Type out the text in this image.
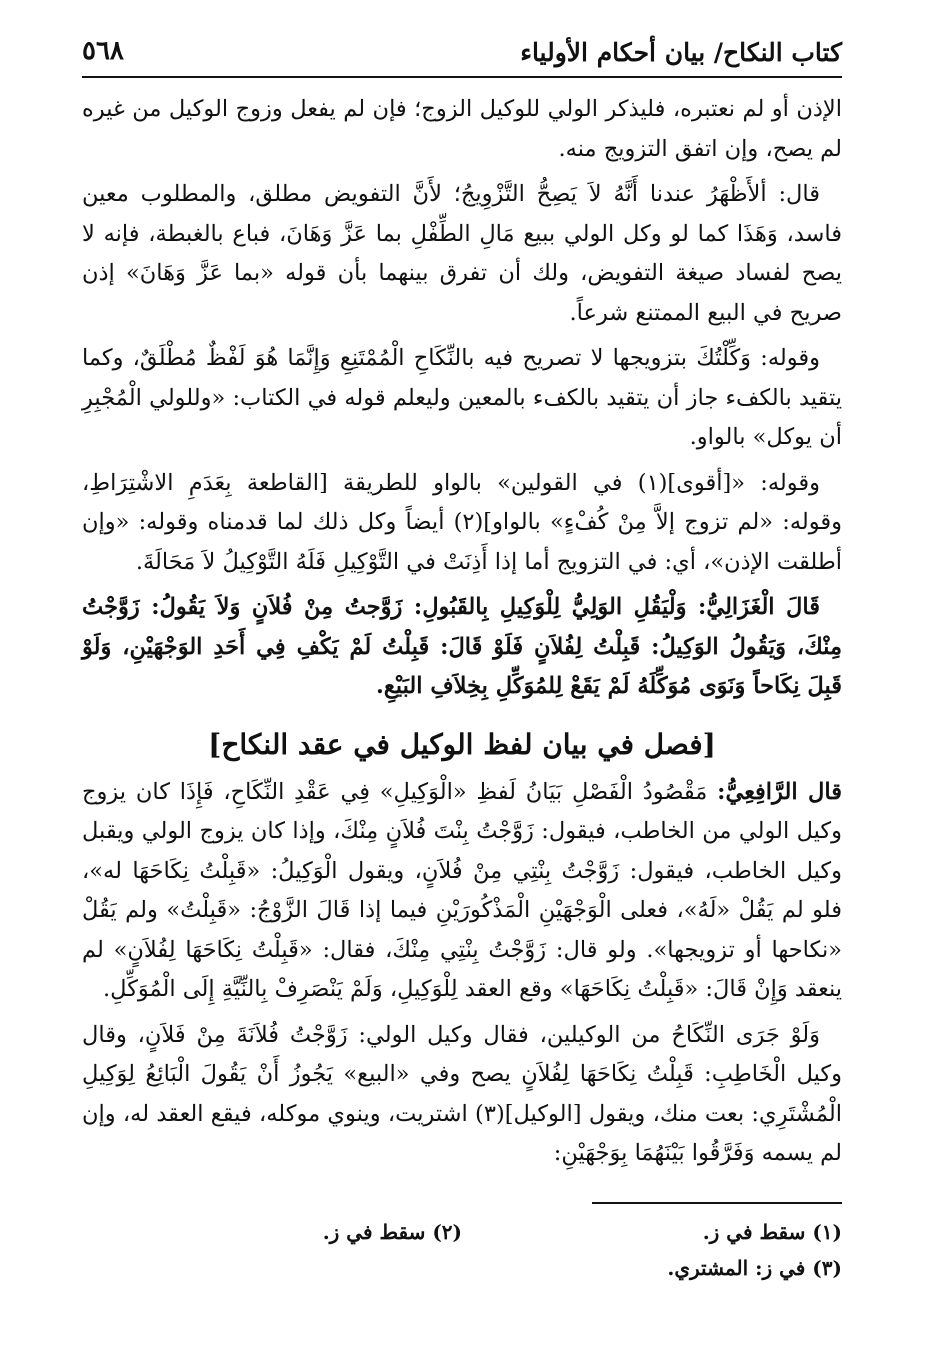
كتاب النكاح/ بيان أحكام الأولياء
٥٦٨

الإذن أو لم نعتبره، فليذكر الولي للوكيل الزوج؛ فإن لم يفعل وزوج الوكيل من غيره لم يصح، وإن اتفق التزويج منه.

قال: ألأَظْهَرُ عندنا أَنَّهُ لاَ يَصِحُّ التَّزْوِيجُ؛ لأَنَّ التفويض مطلق، والمطلوب معين فاسد، وَهَذَا كما لو وكل الولي ببيع مَالِ الطِّفْلِ بما عَزَّ وَهَانَ، فباع بالغبطة، فإنه لا يصح لفساد صيغة التفويض، ولك أن تفرق بينهما بأن قوله «بما عَزَّ وَهَانَ» إذن صريح في البيع الممتنع شرعاً.

وقوله: وَكِّلْتُكَ بتزويجها لا تصريح فيه بالنِّكَاحِ الْمُمْتَنِعِ وَإِنَّمَا هُوَ لَفْظٌ مُطْلَقٌ، وكما يتقيد بالكفء جاز أن يتقيد بالكفء بالمعين وليعلم قوله في الكتاب: «وللولي الْمُجْبِرِ أن يوكل» بالواو.

وقوله: «[أقوى](١) في القولين» بالواو للطريقة [القاطعة بِعَدَمِ الاشْتِرَاطِ، وقوله: «لم تزوج إلاَّ مِنْ كُفْءٍ» بالواو](٢) أيضاً وكل ذلك لما قدمناه وقوله: «وإن أطلقت الإذن»، أي: في التزويج أما إذا أَذِنَتْ في التَّوْكِيلِ فَلَهُ التَّوْكِيلُ لاَ مَحَالَةَ.

قَالَ الْغَزَالِيُّ: وَلْيَقُلِ الوَلِيُّ لِلْوَكِيلِ بِالقَبُولِ: زَوَّجتُ مِنْ فُلاَنٍ وَلاَ يَقُولُ: زَوَّجْتُ مِنْكَ، وَيَقُولُ الوَكِيلُ: قَبِلْتُ لِفُلاَنٍ فَلَوْ قَالَ: قَبِلْتُ لَمْ يَكْفِ فِي أَحَدِ الوَجْهَيْنِ، وَلَوْ قَبِلَ نِكَاحاً وَنَوَى مُوَكِّلَهُ لَمْ يَقَعْ لِلمُوَكِّلِ بِخِلاَفِ البَيْعِ.

[فصل في بيان لفظ الوكيل في عقد النكاح]

قال الرَّافِعِيُّ: مَقْصُودُ الْفَصْلِ بَيَانُ لَفظِ «الْوَكِيلِ» فِي عَقْدِ النِّكَاحِ، فَإِذَا كان يزوج وكيل الولي من الخاطب، فيقول: زَوَّجْتُ بِنْتَ فُلاَنٍ مِنْكَ، وإذا كان يزوج الولي ويقبل وكيل الخاطب، فيقول: زَوَّجْتُ بِنْتِي مِنْ فُلاَنٍ، ويقول الْوَكِيلُ: «قَبِلْتُ نِكَاحَهَا له»، فلو لم يَقُلْ «لَهُ»، فعلى الْوَجْهَيْنِ الْمَذْكُورَيْنِ فيما إذا قَالَ الزَّوْجُ: «قَبِلْتُ» ولم يَقُلْ «نكاحها أو تزويجها». ولو قال: زَوَّجْتُ بِنْتِي مِنْكَ، فقال: «قَبِلْتُ نِكَاحَهَا لِفُلاَنٍ» لم ينعقد وَإِنْ قَالَ: «قَبِلْتُ نِكَاحَهَا» وقع العقد لِلْوَكِيلِ، وَلَمْ يَنْصَرِفْ بِالنِّيَّةِ إِلَى الْمُوَكِّلِ.

وَلَوْ جَرَى النِّكَاحُ من الوكيلين، فقال وكيل الولي: زَوَّجْتُ فُلاَنَةَ مِنْ فَلاَنٍ، وقال وكيل الْخَاطِبِ: قَبِلْتُ نِكَاحَهَا لِفُلاَنٍ يصح وفي «البيع» يَجُوزُ أَنْ يَقُولَ الْبَائِعُ لِوَكِيلِ الْمُشْتَرِي: بعت منك، ويقول [الوكيل](٣) اشتريت، وينوي موكله، فيقع العقد له، وإن لم يسمه وَفَرَّقُوا بَيْنَهُمَا بِوَجْهَيْنِ:

(١) سقط في ز.
(٢) سقط في ز.
(٣) في ز: المشتري.
